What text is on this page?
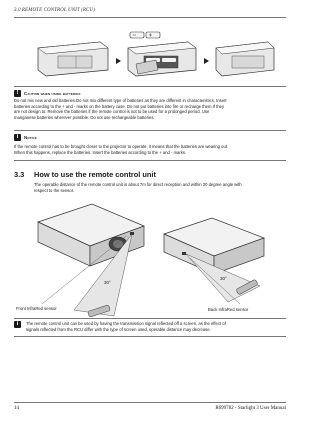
3.0 REMOTE CONTROL UNIT (RCU)
!	Caution when using batteries
Do not mix new and old batteries.Do not mix different type of batteries as they are different in characteristics. Insert
batteries according to the + and - marks on the battery case. Do not put batteries into fire or recharge them.If they
are not design to. Remove the batteries if the remote control is not to be used for a prolonged period. Use
manganese batteries wherever possible. Do not use rechargeable batteries.
i	Notice
If the remote control has to be brought closer to the projector to operate, it means that the batteries are wearing out.
When this happens, replace the batteries. Insert the batteries according to the + and - marks.
3.3 How to use the remote control unit
The operable distance of the remote control unit is about 7m for direct reception and within 30 degree angle with
respect to the sensor.
30°
30°
Front InfraRed sensor	Back InfraRed sensor
i	The remote control unit can be used by having the transmission signal reflected off a screen, as the effect of
signals reflected from the RCU differ with the type of screen used, operable distance may decrease.
14	R699782 - Starlight 3 User Manual
